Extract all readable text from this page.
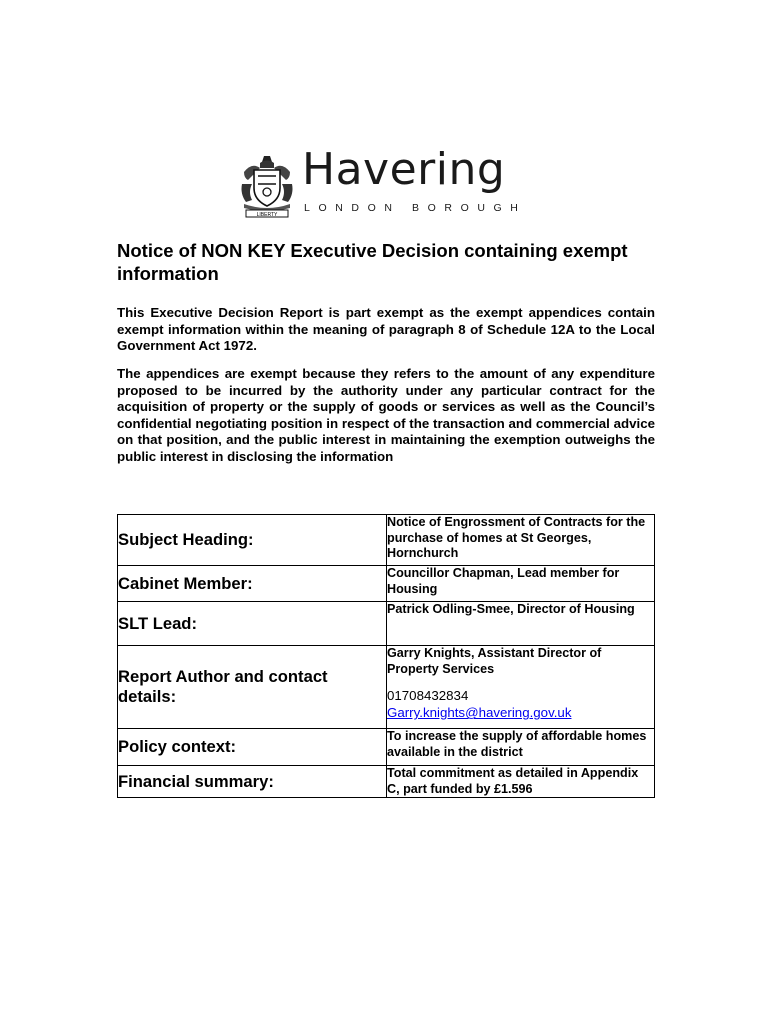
LIBERTY
Havering
LONDON BOROUGH
Notice of NON KEY Executive Decision containing exempt information

This Executive Decision Report is part exempt as the exempt appendices contain exempt information within the meaning of paragraph 8 of Schedule 12A to the Local Government Act 1972.

The appendices are exempt because they refers to the amount of any expenditure proposed to be incurred by the authority under any particular contract for the acquisition of property or the supply of goods or services as well as the Council’s confidential negotiating position in respect of the transaction and commercial advice on that position, and the public interest in maintaining the exemption outweighs the public interest in disclosing the information

Subject Heading:	Notice of Engrossment of Contracts for the purchase of homes at St Georges, Hornchurch
Cabinet Member:	Councillor Chapman, Lead member for Housing
SLT Lead:	Patrick Odling-Smee, Director of Housing
Report Author and contact details:	Garry Knights, Assistant Director of Property Services
01708432834
Garry.knights@havering.gov.uk

Policy context:	To increase the supply of affordable homes available in the district
Financial summary:	Total commitment as detailed in Appendix C, part funded by £1.596
